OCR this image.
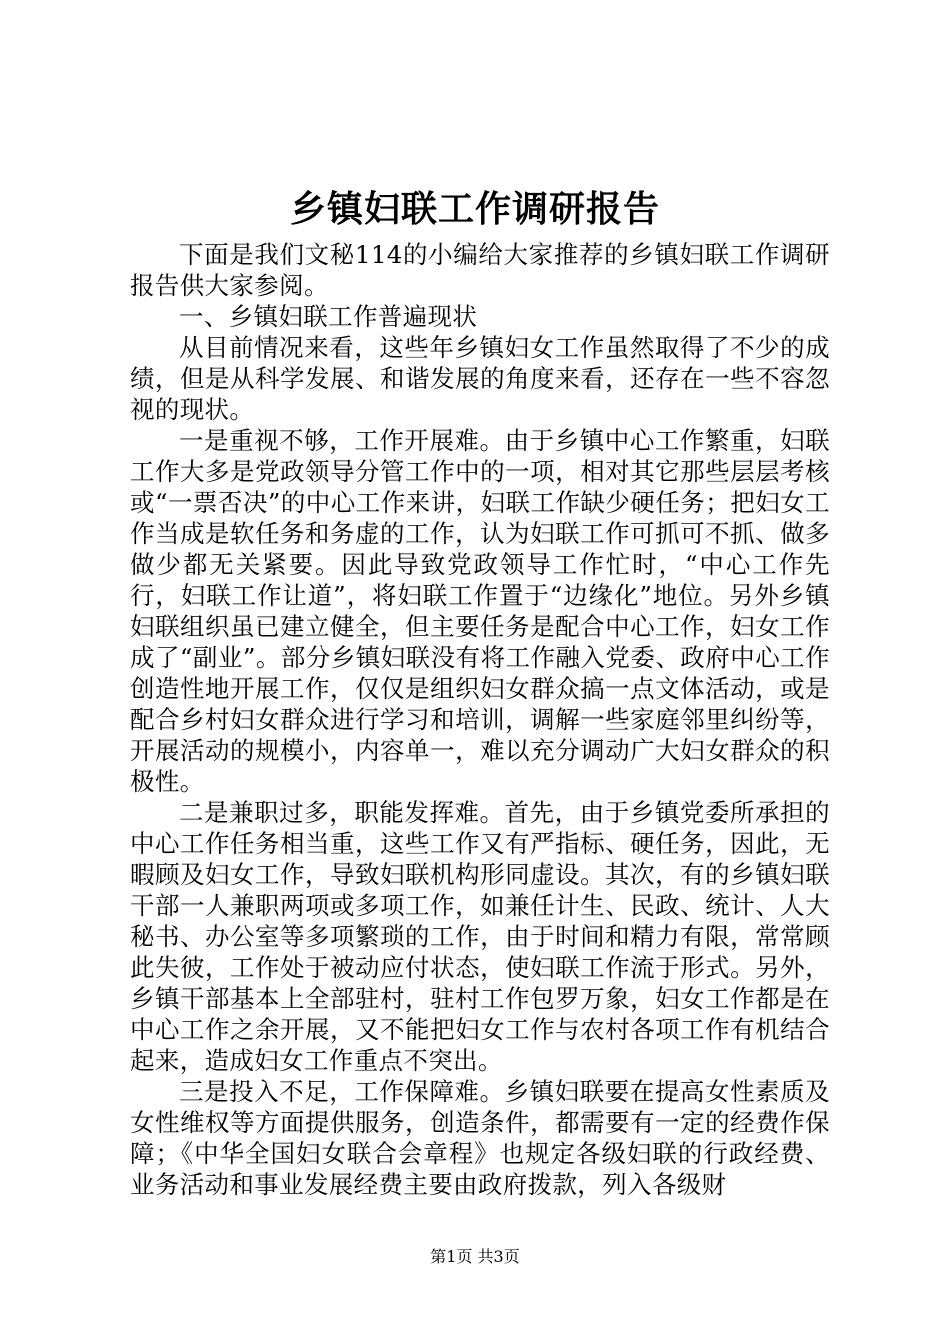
乡镇妇联工作调研报告

下面是我们文秘114的小编给大家推荐的乡镇妇联工作调研报告供大家参阅。

一、乡镇妇联工作普遍现状

从目前情况来看，这些年乡镇妇女工作虽然取得了不少的成绩，但是从科学发展、和谐发展的角度来看，还存在一些不容忽视的现状。

一是重视不够，工作开展难。由于乡镇中心工作繁重，妇联工作大多是党政领导分管工作中的一项，相对其它那些层层考核或“一票否决”的中心工作来讲，妇联工作缺少硬任务；把妇女工作当成是软任务和务虚的工作，认为妇联工作可抓可不抓、做多做少都无关紧要。因此导致党政领导工作忙时，“中心工作先行，妇联工作让道”，将妇联工作置于“边缘化”地位。另外乡镇妇联组织虽已建立健全，但主要任务是配合中心工作，妇女工作成了“副业”。部分乡镇妇联没有将工作融入党委、政府中心工作创造性地开展工作，仅仅是组织妇女群众搞一点文体活动，或是配合乡村妇女群众进行学习和培训，调解一些家庭邻里纠纷等，开展活动的规模小，内容单一，难以充分调动广大妇女群众的积极性。

二是兼职过多，职能发挥难。首先，由于乡镇党委所承担的中心工作任务相当重，这些工作又有严指标、硬任务，因此，无暇顾及妇女工作，导致妇联机构形同虚设。其次，有的乡镇妇联干部一人兼职两项或多项工作，如兼任计生、民政、统计、人大秘书、办公室等多项繁琐的工作，由于时间和精力有限，常常顾此失彼，工作处于被动应付状态，使妇联工作流于形式。另外，乡镇干部基本上全部驻村，驻村工作包罗万象，妇女工作都是在中心工作之余开展，又不能把妇女工作与农村各项工作有机结合起来，造成妇女工作重点不突出。

三是投入不足，工作保障难。乡镇妇联要在提高女性素质及女性维权等方面提供服务，创造条件，都需要有一定的经费作保障；《中华全国妇女联合会章程》也规定各级妇联的行政经费、业务活动和事业发展经费主要由政府拨款，列入各级财

第1页 共3页
